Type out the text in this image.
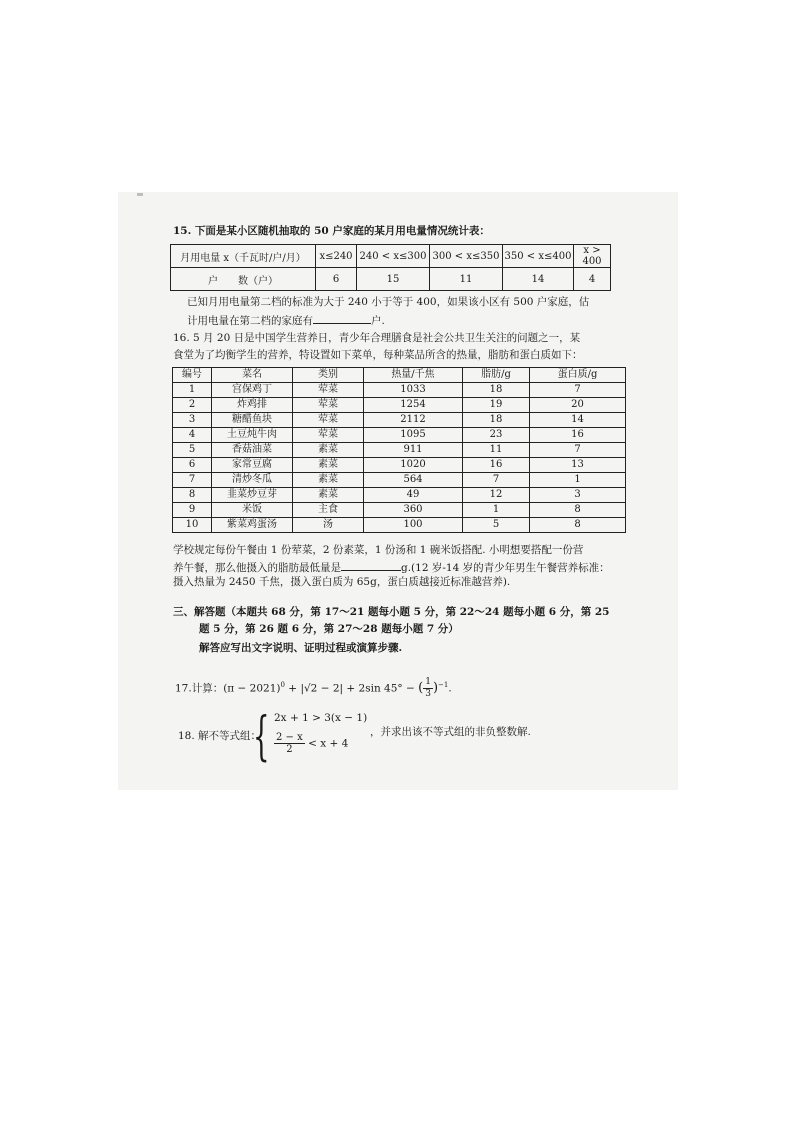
15. 下面是某小区随机抽取的 50 户家庭的某月用电量情况统计表：
月用电量 x（千瓦时/户/月）	x≤240	240 < x≤300	300 < x≤350	350 < x≤400	x > 400
户　　数（户）	6	15	11	14	4
已知月用电量第二档的标准为大于 240 小于等于 400，如果该小区有 500 户家庭，估
计用电量在第二档的家庭有	户.
16. 5 月 20 日是中国学生营养日，青少年合理膳食是社会公共卫生关注的问题之一，某
食堂为了均衡学生的营养，特设置如下菜单，每种菜品所含的热量，脂肪和蛋白质如下：
编号	菜名	类别	热量/千焦	脂肪/g	蛋白质/g
1	宫保鸡丁	荤菜	1033	18	7
2	炸鸡排	荤菜	1254	19	20
3	糖醋鱼块	荤菜	2112	18	14
4	土豆炖牛肉	荤菜	1095	23	16
5	香菇油菜	素菜	911	11	7
6	家常豆腐	素菜	1020	16	13
7	清炒冬瓜	素菜	564	7	1
8	韭菜炒豆芽	素菜	49	12	3
9	米饭	主食	360	1	8
10	紫菜鸡蛋汤	汤	100	5	8
学校规定每份午餐由 1 份荤菜，2 份素菜，1 份汤和 1 碗米饭搭配. 小明想要搭配一份营
养午餐，那么他摄入的脂肪最低量是	g.(12 岁-14 岁的青少年男生午餐营养标准：
摄入热量为 2450 千焦，摄入蛋白质为 65g，蛋白质越接近标准越营养).
三、解答题（本题共 68 分，第 17～21 题每小题 5 分，第 22～24 题每小题 6 分，第 25
题 5 分，第 26 题 6 分，第 27～28 题每小题 7 分）
解答应写出文字说明、证明过程或演算步骤.
17.计算：$(\pi - 2021)^0 + |√2 - 2| + 2\sin$ 45° − ( $\frac{1}{3} )^{-1}$.
18. 解不等式组：
{ 2x + 1 > 3(x − 1)
$\frac{2 - x}{2} < x + 4$
，并求出该不等式组的非负整数解.
